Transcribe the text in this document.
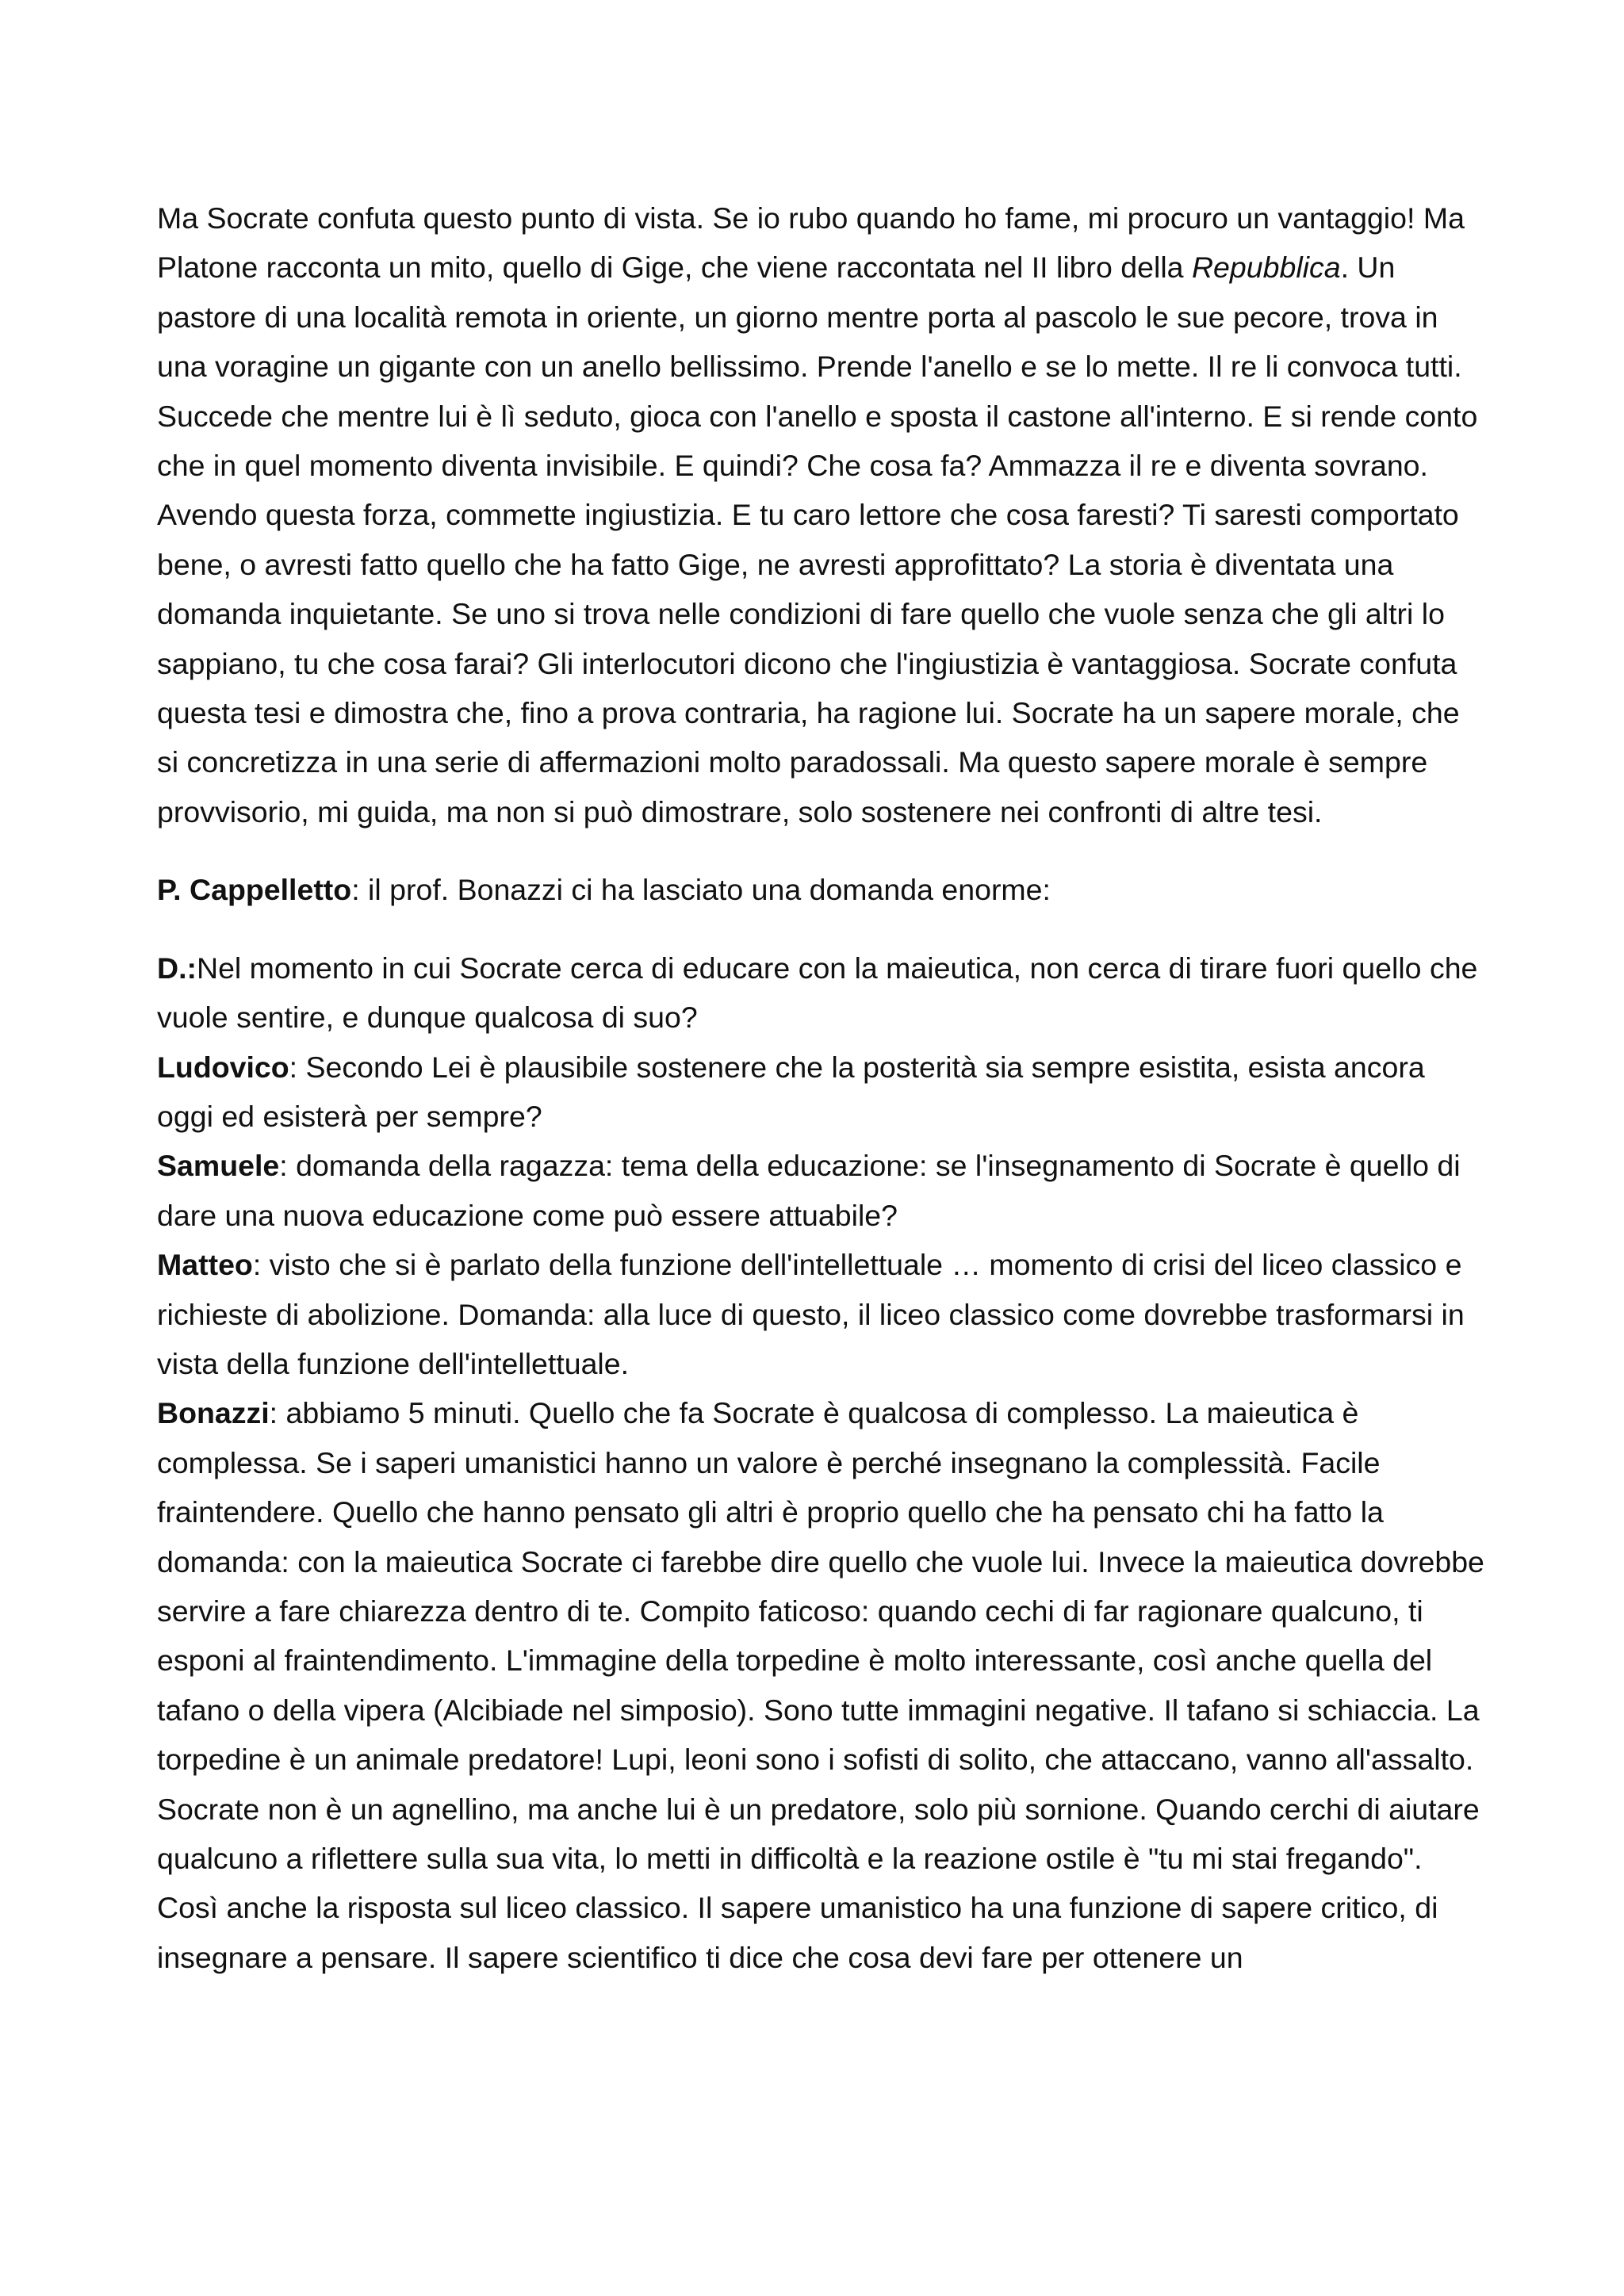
Ma Socrate confuta questo punto di vista. Se io rubo quando ho fame, mi procuro un vantaggio! Ma Platone racconta un mito, quello di Gige, che viene raccontata nel II libro della Repubblica. Un pastore di una località remota in oriente, un giorno mentre porta al pascolo le sue pecore, trova in una voragine un gigante con un anello bellissimo. Prende l'anello e se lo mette. Il re li convoca tutti. Succede che mentre lui è lì seduto, gioca con l'anello e sposta il castone all'interno. E si rende conto che in quel momento diventa invisibile. E quindi? Che cosa fa? Ammazza il re e diventa sovrano. Avendo questa forza, commette ingiustizia. E tu caro lettore che cosa faresti? Ti saresti comportato bene, o avresti fatto quello che ha fatto Gige, ne avresti approfittato? La storia è diventata una domanda inquietante. Se uno si trova nelle condizioni di fare quello che vuole senza che gli altri lo sappiano, tu che cosa farai? Gli interlocutori dicono che l'ingiustizia è vantaggiosa. Socrate confuta questa tesi e dimostra che, fino a prova contraria, ha ragione lui. Socrate ha un sapere morale, che si concretizza in una serie di affermazioni molto paradossali. Ma questo sapere morale è sempre provvisorio, mi guida, ma non si può dimostrare, solo sostenere nei confronti di altre tesi.

P. Cappelletto: il prof. Bonazzi ci ha lasciato una domanda enorme:

D.:Nel momento in cui Socrate cerca di educare con la maieutica, non cerca di tirare fuori quello che vuole sentire, e dunque qualcosa di suo?

Ludovico: Secondo Lei è plausibile sostenere che la posterità sia sempre esistita, esista ancora oggi ed esisterà per sempre?

Samuele: domanda della ragazza: tema della educazione: se l'insegnamento di Socrate è quello di dare una nuova educazione come può essere attuabile?

Matteo: visto che si è parlato della funzione dell'intellettuale … momento di crisi del liceo classico e richieste di abolizione. Domanda: alla luce di questo, il liceo classico come dovrebbe trasformarsi in vista della funzione dell'intellettuale.

Bonazzi: abbiamo 5 minuti. Quello che fa Socrate è qualcosa di complesso. La maieutica è complessa. Se i saperi umanistici hanno un valore è perché insegnano la complessità. Facile fraintendere. Quello che hanno pensato gli altri è proprio quello che ha pensato chi ha fatto la domanda: con la maieutica Socrate ci farebbe dire quello che vuole lui. Invece la maieutica dovrebbe servire a fare chiarezza dentro di te. Compito faticoso: quando cechi di far ragionare qualcuno, ti esponi al fraintendimento. L'immagine della torpedine è molto interessante, così anche quella del tafano o della vipera (Alcibiade nel simposio). Sono tutte immagini negative. Il tafano si schiaccia. La torpedine è un animale predatore! Lupi, leoni sono i sofisti di solito, che attaccano, vanno all'assalto. Socrate non è un agnellino, ma anche lui è un predatore, solo più sornione. Quando cerchi di aiutare qualcuno a riflettere sulla sua vita, lo metti in difficoltà e la reazione ostile è "tu mi stai fregando". Così anche la risposta sul liceo classico. Il sapere umanistico ha una funzione di sapere critico, di insegnare a pensare. Il sapere scientifico ti dice che cosa devi fare per ottenere un
